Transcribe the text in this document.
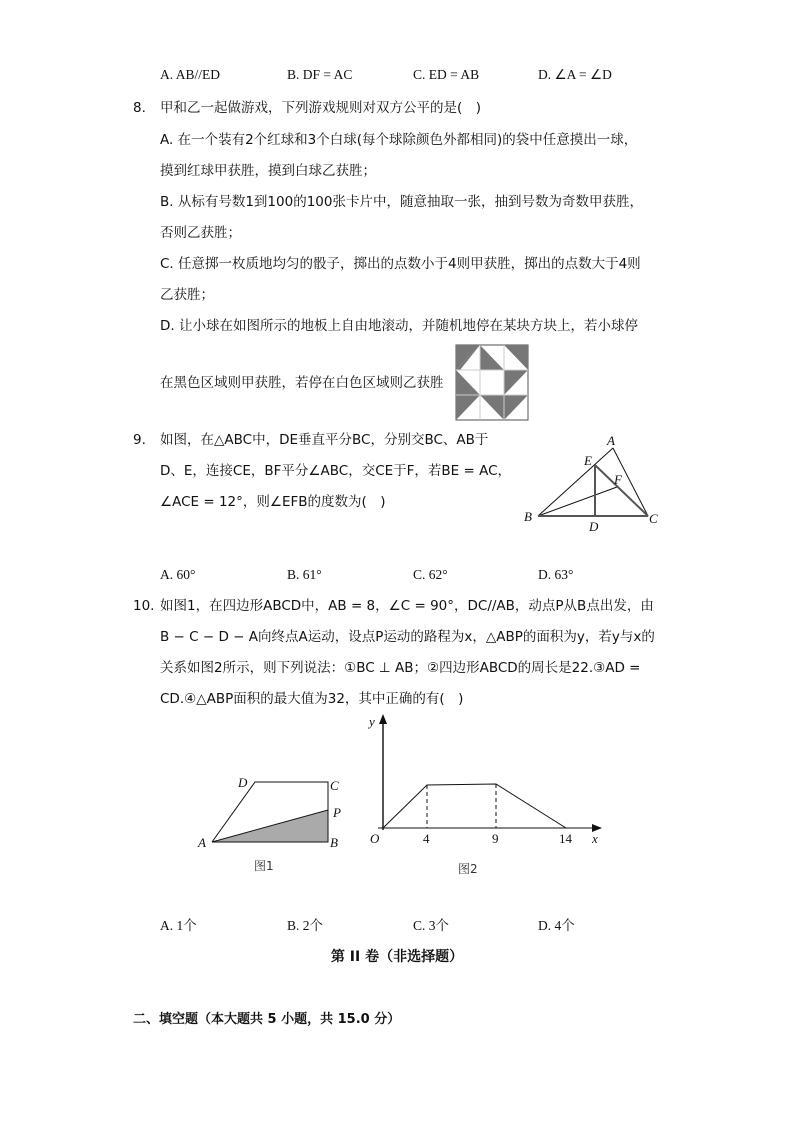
A. AB//ED	B. DF = AC	C. ED = AB	D. ∠A = ∠D
8. 甲和乙一起做游戏，下列游戏规则对双方公平的是(　)
A. 在一个装有2个红球和3个白球(每个球除颜色外都相同)的袋中任意摸出一球，
摸到红球甲获胜，摸到白球乙获胜；
B. 从标有号数1到100的100张卡片中，随意抽取一张，抽到号数为奇数甲获胜，
否则乙获胜；
C. 任意掷一枚质地均匀的骰子，掷出的点数小于4则甲获胜，掷出的点数大于4则
乙获胜；
D. 让小球在如图所示的地板上自由地滚动，并随机地停在某块方块上，若小球停
在黑色区域则甲获胜，若停在白色区域则乙获胜
9. 如图，在△ABC中，DE垂直平分BC，分别交BC、AB于
D、E，连接CE，BF平分∠ABC，交CE于F，若BE = AC，
∠ACE = 12°，则∠EFB的度数为(　)
A
E
F
B
D
C
A. 60°	B. 61°	C. 62°	D. 63°
10. 如图1，在四边形ABCD中，AB = 8，∠C = 90°，DC//AB，动点P从B点出发，由
B − C − D − A向终点A运动，设点P运动的路程为x，△ABP的面积为y，若y与x的
关系如图2所示，则下列说法：①BC ⊥ AB；②四边形ABCD的周长是22.③AD =
CD.④△ABP面积的最大值为32，其中正确的有(　)
A	B
C
D
P
图1
y
x
O	4	9	14
图2
A. 1个	B. 2个	C. 3个	D. 4个
第 II 卷（非选择题）
二、填空题（本大题共 5 小题，共 15.0 分）
